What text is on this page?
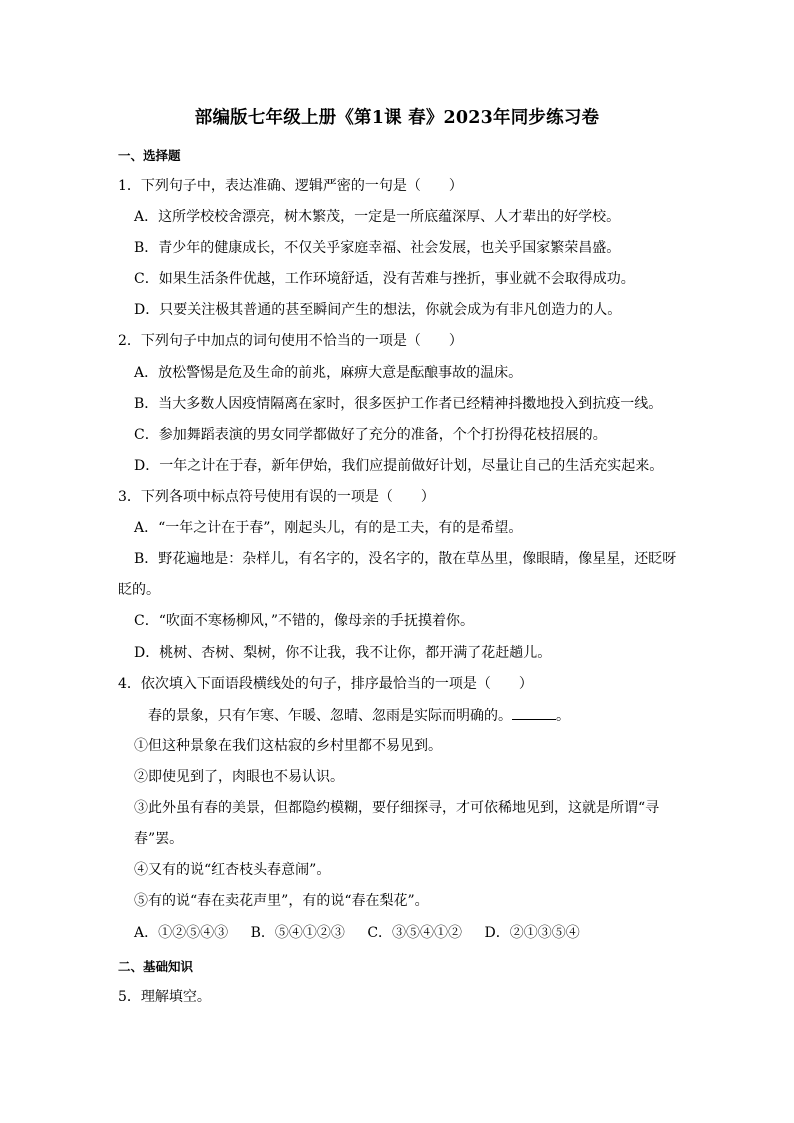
部编版七年级上册《第1课 春》2023年同步练习卷
一、选择题
1．下列句子中，表达准确、逻辑严密的一句是（　　）
A．这所学校校舍漂亮，树木繁茂，一定是一所底蕴深厚、人才辈出的好学校。
B．青少年的健康成长，不仅关乎家庭幸福、社会发展，也关乎国家繁荣昌盛。
C．如果生活条件优越，工作环境舒适，没有苦难与挫折，事业就不会取得成功。
D．只要关注极其普通的甚至瞬间产生的想法，你就会成为有非凡创造力的人。
2．下列句子中加点的词句使用不恰当的一项是（　　）
A．放松警惕是危及生命的前兆，麻痹大意是酝酿事故的温床。
B．当大多数人因疫情隔离在家时，很多医护工作者已经精神抖擞地投入到抗疫一线。
C．参加舞蹈表演的男女同学都做好了充分的准备，个个打扮得花枝招展的。
D．一年之计在于春，新年伊始，我们应提前做好计划，尽量让自己的生活充实起来。
3．下列各项中标点符号使用有误的一项是（　　）
A．“一年之计在于春”，刚起头儿，有的是工夫，有的是希望。
B．野花遍地是：杂样儿，有名字的，没名字的，散在草丛里，像眼睛，像星星，还眨呀
眨的。
C．“吹面不寒杨柳风，”不错的，像母亲的手抚摸着你。
D．桃树、杏树、梨树，你不让我，我不让你，都开满了花赶趟儿。
4．依次填入下面语段横线处的句子，排序最恰当的一项是（　　）
春的景象，只有乍寒、乍暖、忽晴、忽雨是实际而明确的。	。
①但这种景象在我们这枯寂的乡村里都不易见到。
②即使见到了，肉眼也不易认识。
③此外虽有春的美景，但都隐约模糊，要仔细探寻，才可依稀地见到，这就是所谓“寻
春”罢。
④又有的说“红杏枝头春意闹”。
⑤有的说“春在卖花声里”，有的说“春在梨花”。
A．①②⑤④③ B．⑤④①②③ C．③⑤④①② D．②①③⑤④
二、基础知识
5．理解填空。
